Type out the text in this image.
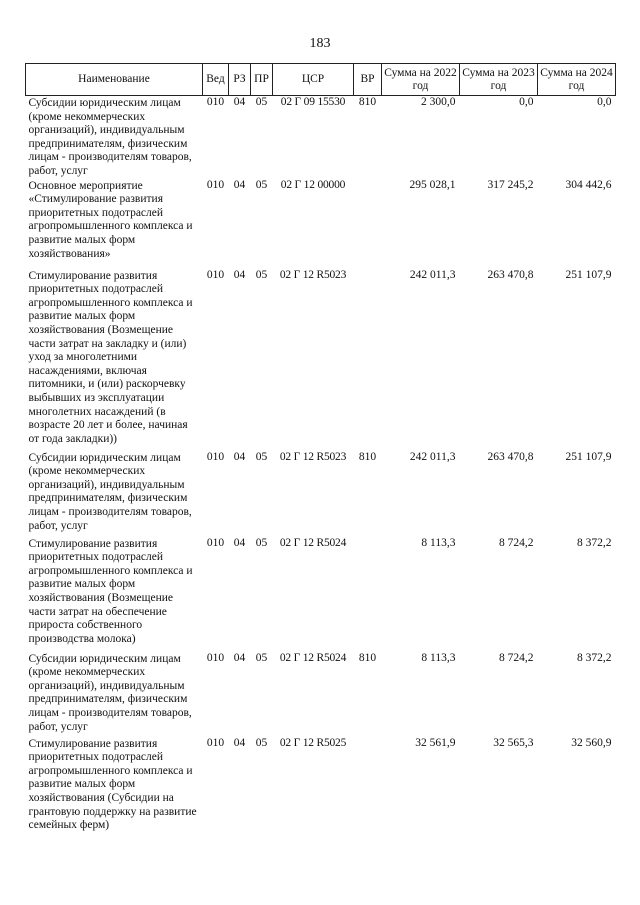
183
Наименование	Вед	РЗ	ПР	ЦСР	ВР	Сумма на 2022 год	Сумма на 2023 год	Сумма на 2024 год
Субсидии юридическим лицам (кроме некоммерческих организаций), индивидуальным предпринимателям, физическим лицам - производителям товаров, работ, услуг	010	04	05	02 Г 09 15530	810	2 300,0	0,0	0,0
Основное мероприятие «Стимулирование развития приоритетных подотраслей агропромышленного комплекса и развитие малых форм хозяйствования»	010	04	05	02 Г 12 00000		295 028,1	317 245,2	304 442,6
Стимулирование развития приоритетных подотраслей агропромышленного комплекса и развитие малых форм хозяйствования (Возмещение части затрат на закладку и (или) уход за многолетними насаждениями, включая питомники, и (или) раскорчевку выбывших из эксплуатации многолетних насаждений (в возрасте 20 лет и более, начиная от года закладки))	010	04	05	02 Г 12 R5023		242 011,3	263 470,8	251 107,9
Субсидии юридическим лицам (кроме некоммерческих организаций), индивидуальным предпринимателям, физическим лицам - производителям товаров, работ, услуг	010	04	05	02 Г 12 R5023	810	242 011,3	263 470,8	251 107,9
Стимулирование развития приоритетных подотраслей агропромышленного комплекса и развитие малых форм хозяйствования (Возмещение части затрат на обеспечение прироста собственного производства молока)	010	04	05	02 Г 12 R5024		8 113,3	8 724,2	8 372,2
Субсидии юридическим лицам (кроме некоммерческих организаций), индивидуальным предпринимателям, физическим лицам - производителям товаров, работ, услуг	010	04	05	02 Г 12 R5024	810	8 113,3	8 724,2	8 372,2
Стимулирование развития приоритетных подотраслей агропромышленного комплекса и развитие малых форм хозяйствования (Субсидии на грантовую поддержку на развитие семейных ферм)	010	04	05	02 Г 12 R5025		32 561,9	32 565,3	32 560,9
